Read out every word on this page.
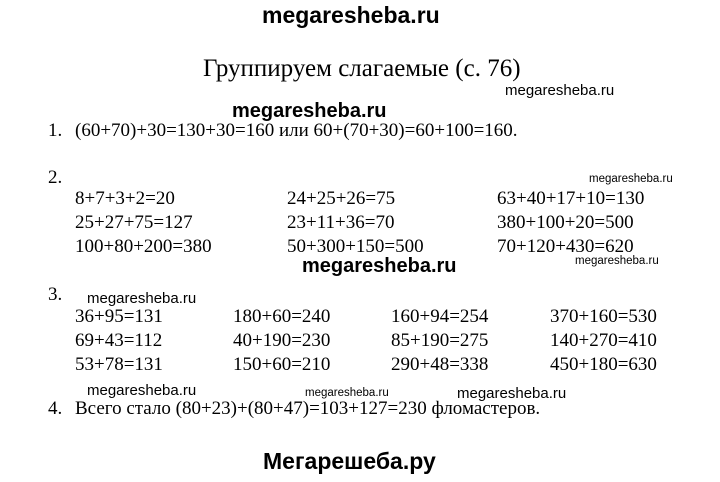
megaresheba.ru
Группируем слагаемые (с. 76)
megaresheba.ru
megaresheba.ru
1. (60+70)+30=130+30=160 или 60+(70+30)=60+100=160.
2.	megaresheba.ru
8+7+3+2=20	24+25+26=75	63+40+17+10=130
25+27+75=127	23+11+36=70	380+100+20=500
100+80+200=380	50+300+150=500	70+120+430=620
megaresheba.ru
megaresheba.ru
3. megaresheba.ru
36+95=131	180+60=240	160+94=254	370+160=530
69+43=112	40+190=230	85+190=275	140+270=410
53+78=131	150+60=210	290+48=338	450+180=630
megaresheba.ru	megaresheba.ru	megaresheba.ru
4. Всего стало (80+23)+(80+47)=103+127=230 фломастеров.
Мегарешеба.ру
